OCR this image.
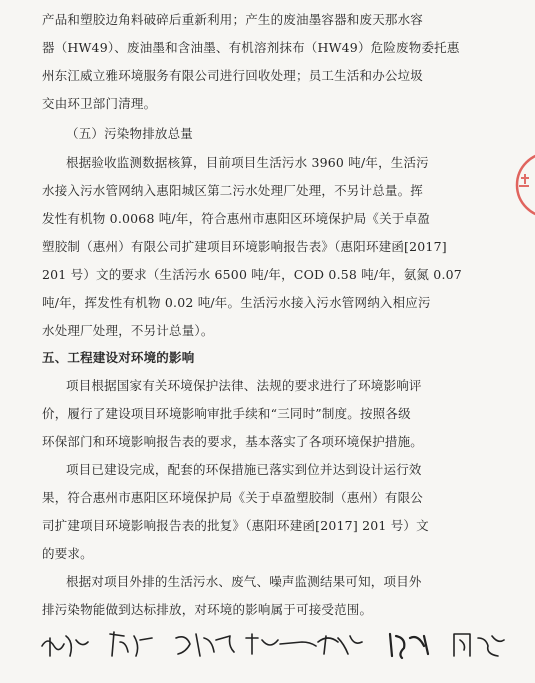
产品和塑胶边角料破碎后重新利用；产生的废油墨容器和废天那水容
器（HW49）、废油墨和含油墨、有机溶剂抹布（HW49）危险废物委托惠
州东江威立雅环境服务有限公司进行回收处理；员工生活和办公垃圾
交由环卫部门清理。
（五）污染物排放总量
根据验收监测数据核算，目前项目生活污水 3960 吨/年，生活污
水接入污水管网纳入惠阳城区第二污水处理厂处理，不另计总量。挥
发性有机物 0.0068 吨/年，符合惠州市惠阳区环境保护局《关于卓盈
塑胶制（惠州）有限公司扩建项目环境影响报告表》（惠阳环建函[2017]
201 号）文的要求（生活污水 6500 吨/年，COD 0.58 吨/年，氨氮 0.07
吨/年，挥发性有机物 0.02 吨/年。生活污水接入污水管网纳入相应污
水处理厂处理，不另计总量）。
五、工程建设对环境的影响
项目根据国家有关环境保护法律、法规的要求进行了环境影响评
价，履行了建设项目环境影响审批手续和“三同时”制度。按照各级
环保部门和环境影响报告表的要求，基本落实了各项环境保护措施。
项目已建设完成，配套的环保措施已落实到位并达到设计运行效
果，符合惠州市惠阳区环境保护局《关于卓盈塑胶制（惠州）有限公
司扩建项目环境影响报告表的批复》（惠阳环建函[2017] 201 号）文
的要求。
根据对项目外排的生活污水、废气、噪声监测结果可知，项目外
排污染物能做到达标排放，对环境的影响属于可接受范围。
